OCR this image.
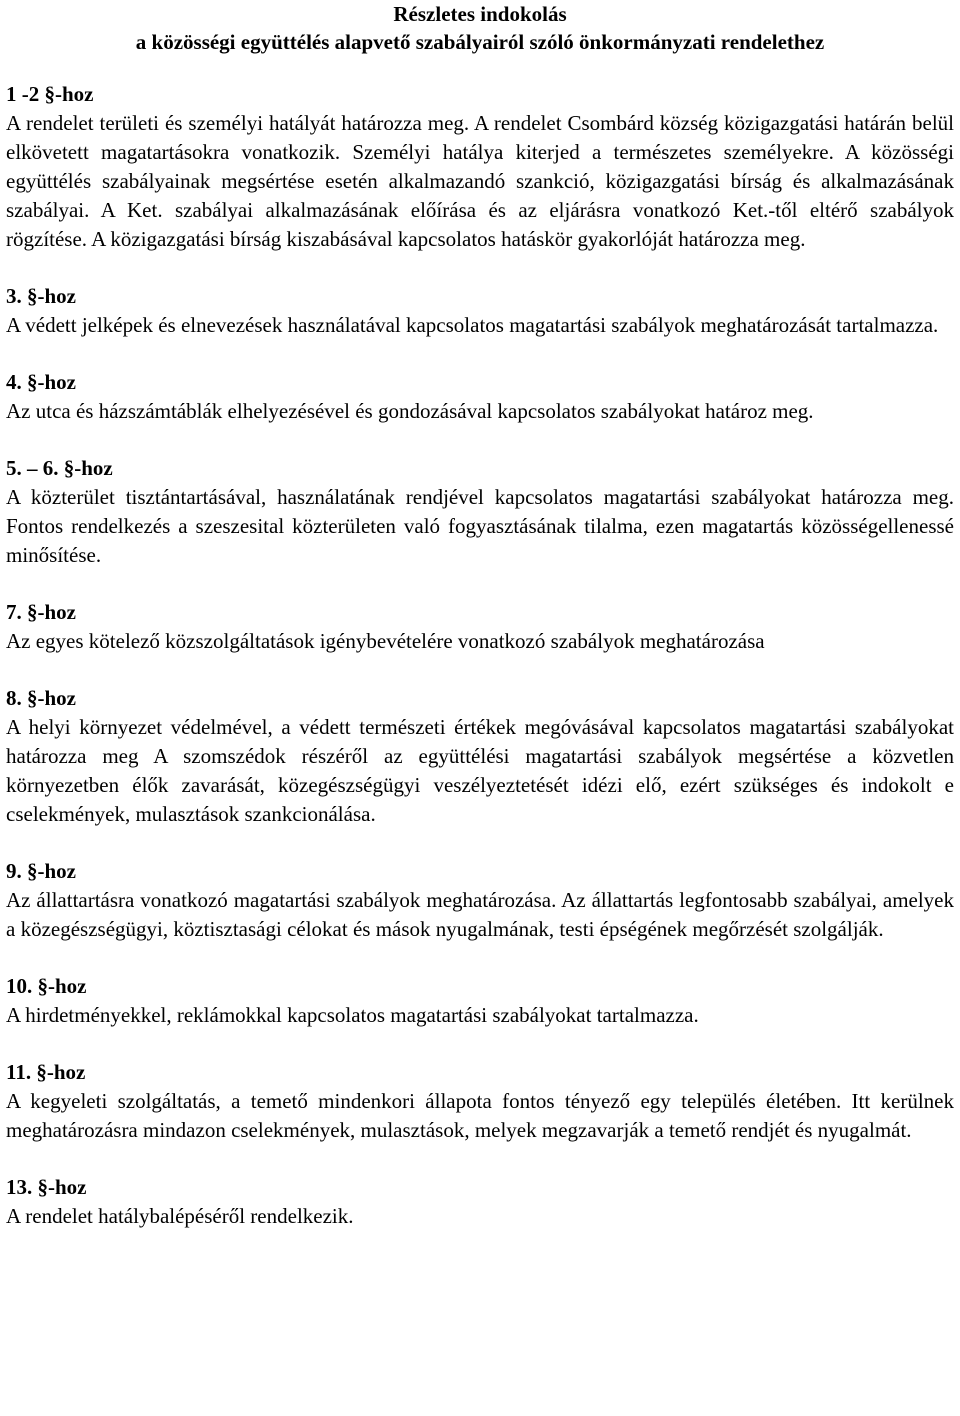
Részletes indokolás

a közösségi együttélés alapvető szabályairól szóló önkormányzati rendelethez

1 -2 §-hoz

A rendelet területi és személyi hatályát határozza meg. A rendelet Csombárd község közigazgatási határán belül elkövetett magatartásokra vonatkozik. Személyi hatálya kiterjed a természetes személyekre. A közösségi együttélés szabályainak megsértése esetén alkalmazandó szankció, közigazgatási bírság és alkalmazásának szabályai. A Ket. szabályai alkalmazásának előírása és az eljárásra vonatkozó Ket.-től eltérő szabályok rögzítése. A közigazgatási bírság kiszabásával kapcsolatos hatáskör gyakorlóját határozza meg.

3. §-hoz

A védett jelképek és elnevezések használatával kapcsolatos magatartási szabályok meghatározását tartalmazza.

4. §-hoz

Az utca és házszámtáblák elhelyezésével és gondozásával kapcsolatos szabályokat határoz meg.

5. – 6. §-hoz

A közterület tisztántartásával, használatának rendjével kapcsolatos magatartási szabályokat határozza meg. Fontos rendelkezés a szeszesital közterületen való fogyasztásának tilalma, ezen magatartás közösségellenessé minősítése.

7. §-hoz

Az egyes kötelező közszolgáltatások igénybevételére vonatkozó szabályok meghatározása

8. §-hoz

A helyi környezet védelmével, a védett természeti értékek megóvásával kapcsolatos magatartási szabályokat határozza meg A szomszédok részéről az együttélési magatartási szabályok megsértése a közvetlen környezetben élők zavarását, közegészségügyi veszélyeztetését idézi elő, ezért szükséges és indokolt e cselekmények, mulasztások szankcionálása.

9. §-hoz

Az állattartásra vonatkozó magatartási szabályok meghatározása. Az állattartás legfontosabb szabályai, amelyek a közegészségügyi, köztisztasági célokat és mások nyugalmának, testi épségének megőrzését szolgálják.

10. §-hoz

A hirdetményekkel, reklámokkal kapcsolatos magatartási szabályokat tartalmazza.

11. §-hoz

A kegyeleti szolgáltatás, a temető mindenkori állapota fontos tényező egy település életében. Itt kerülnek meghatározásra mindazon cselekmények, mulasztások, melyek megzavarják a temető rendjét és nyugalmát.

13. §-hoz

A rendelet hatálybalépéséről rendelkezik.
